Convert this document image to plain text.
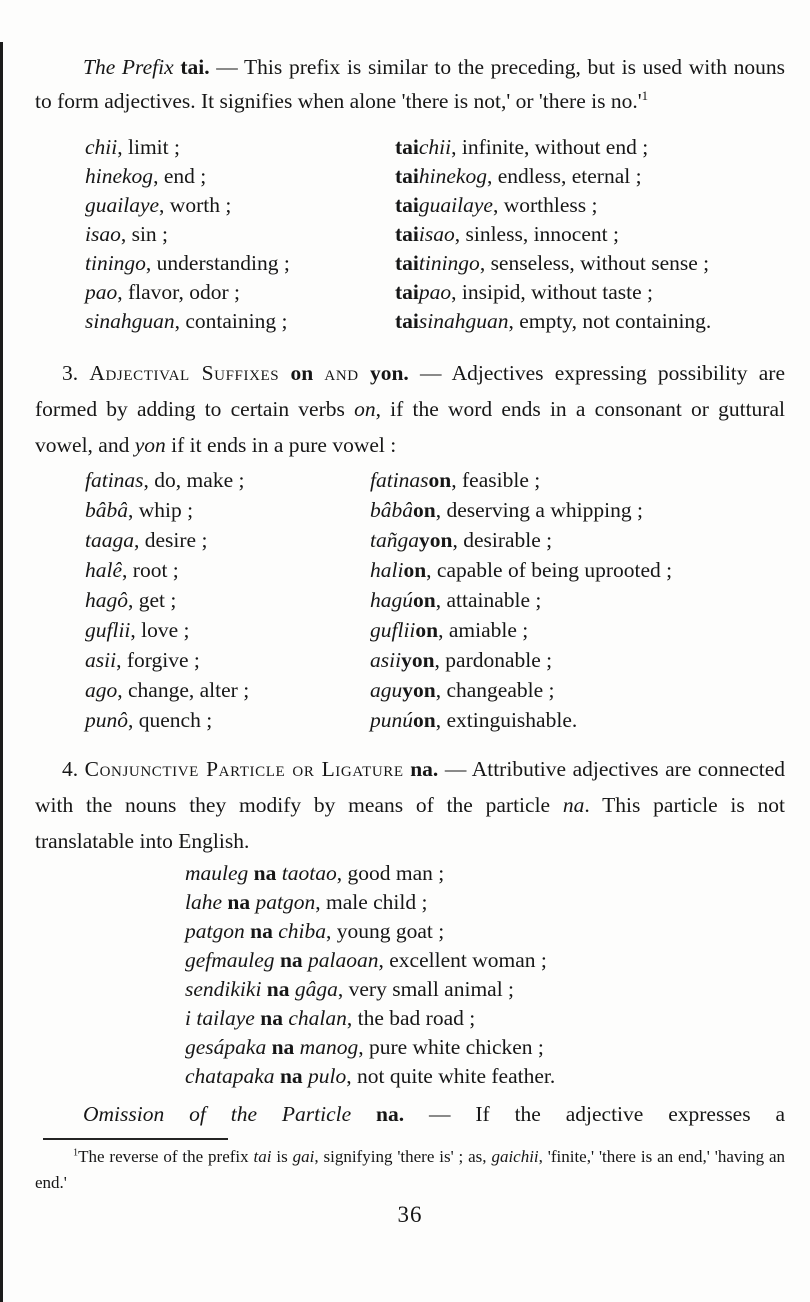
The Prefix tai. — This prefix is similar to the preceding, but is used with nouns to form adjectives. It signifies when alone 'there is not,' or 'there is no.'$^1$

chii, limit ;	taichii, infinite, without end ;
hinekog, end ;	taihinekog, endless, eternal ;
guailaye, worth ;	taiguailaye, worthless ;
isao, sin ;	taiisao, sinless, innocent ;
tiningo, understanding ;	taitiningo, senseless, without sense ;
pao, flavor, odor ;	taipao, insipid, without taste ;
sinahguan, containing ;	taisinahguan, empty, not containing.

3. Adjectival Suffixes on and yon. — Adjectives expressing possibility are formed by adding to certain verbs on, if the word ends in a consonant or guttural vowel, and yon if it ends in a pure vowel :

fatinas, do, make ;	fatinason, feasible ;
bâbâ, whip ;	bâbâon, deserving a whipping ;
taaga, desire ;	tañgayon, desirable ;
halê, root ;	halion, capable of being uprooted ;
hagô, get ;	hagúon, attainable ;
guflii, love ;	gufliion, amiable ;
asii, forgive ;	asiiyon, pardonable ;
ago, change, alter ;	aguyon, changeable ;
punô, quench ;	punúon, extinguishable.

4. Conjunctive Particle or Ligature na. — Attributive adjectives are connected with the nouns they modify by means of the particle na. This particle is not translatable into English.

mauleg na taotao, good man ;
lahe na patgon, male child ;
patgon na chiba, young goat ;
gefmauleg na palaoan, excellent woman ;
sendikiki na gâga, very small animal ;
i tailaye na chalan, the bad road ;
gesápaka na manog, pure white chicken ;
chatapaka na pulo, not quite white feather.

Omission of the Particle na. — If the adjective expresses a

$^1$The reverse of the prefix tai is gai, signifying 'there is' ; as, gaichii, 'finite,' 'there is an end,' 'having an end.'

36
